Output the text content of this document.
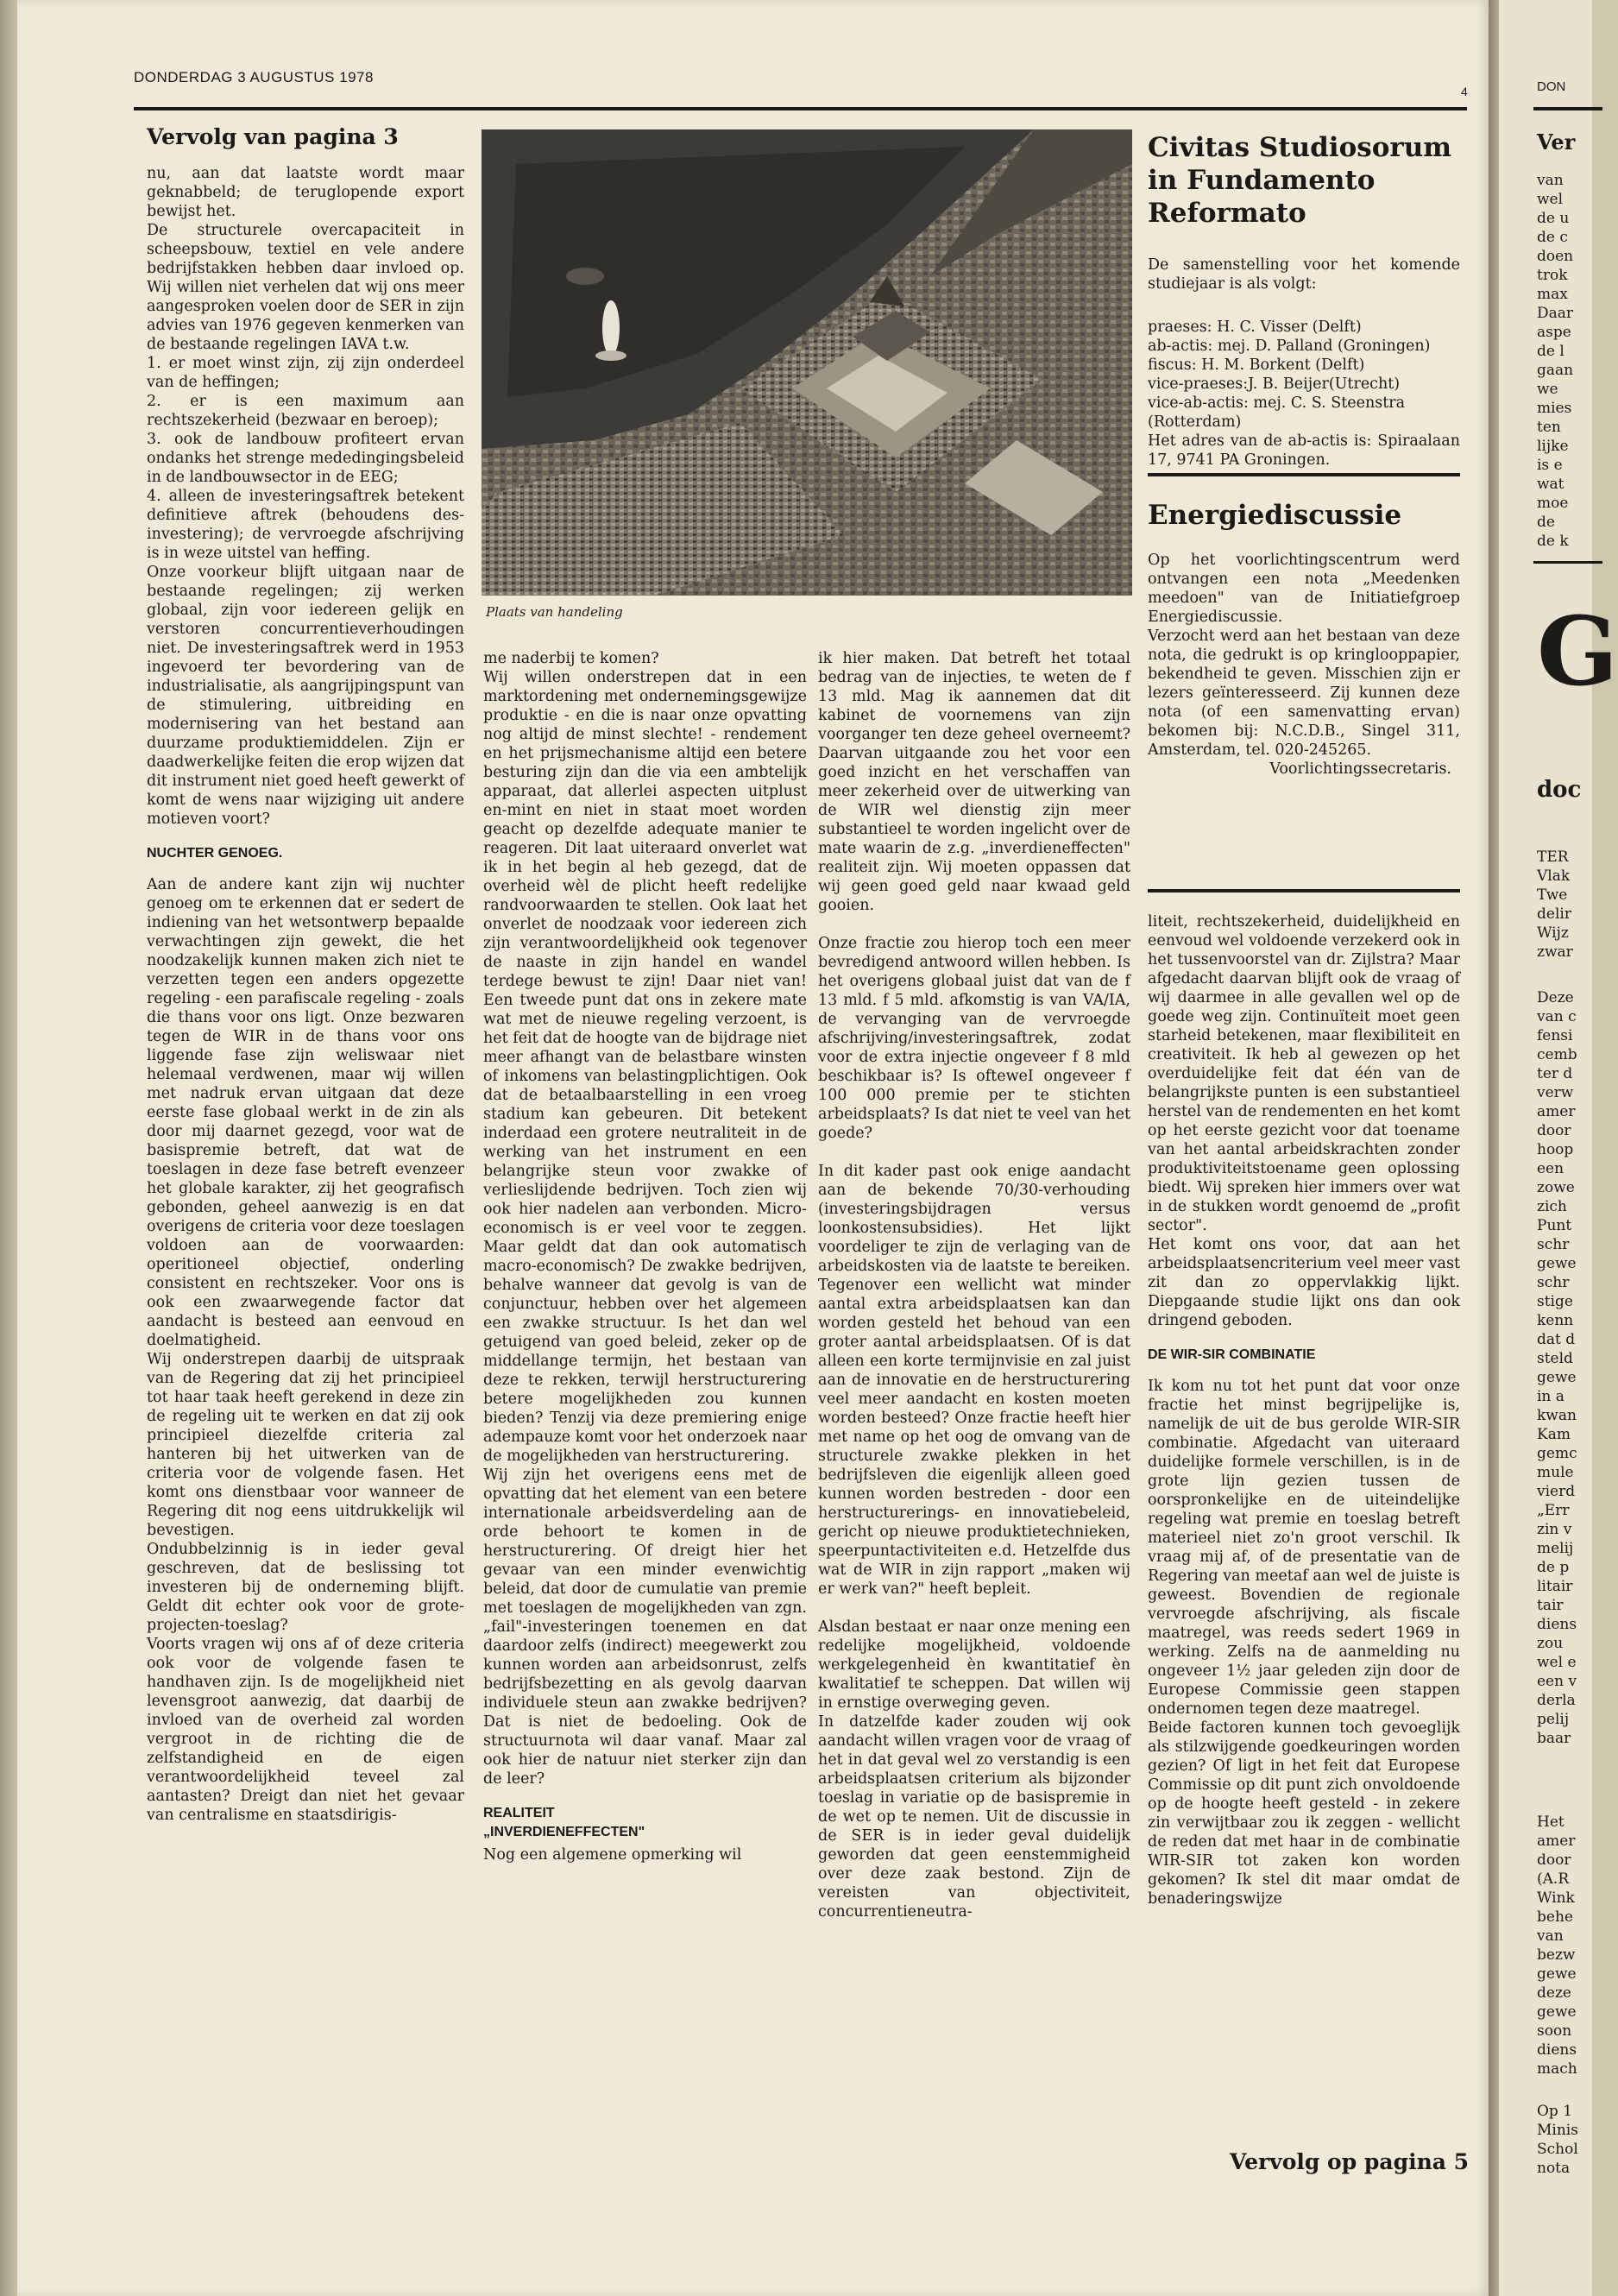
DONDERDAG 3 AUGUSTUS 1978
4
Vervolg van pagina 3

nu, aan dat laatste wordt maar geknabbeld; de teruglopende export bewijst het.

De structurele overcapaciteit in scheepsbouw, textiel en vele andere bedrijfstakken hebben daar invloed op. Wij willen niet verhelen dat wij ons meer aangesproken voelen door de SER in zijn advies van 1976 gegeven kenmerken van de bestaande regelingen IAVA t.w.

1. er moet winst zijn, zij zijn onderdeel van de heffingen;

2. er is een maximum aan rechtszekerheid (bezwaar en beroep);

3. ook de landbouw profiteert ervan ondanks het strenge mededingingsbeleid in de landbouwsector in de EEG;

4. alleen de investeringsaftrek betekent definitieve aftrek (behoudens des-investering); de vervroegde afschrijving is in weze uitstel van heffing.

Onze voorkeur blijft uitgaan naar de bestaande regelingen; zij werken globaal, zijn voor iedereen gelijk en verstoren concurrentieverhoudingen niet. De investeringsaftrek werd in 1953 ingevoerd ter bevordering van de industrialisatie, als aangrijpingspunt van de stimulering, uitbreiding en modernisering van het bestand aan duurzame produktiemiddelen. Zijn er daadwerkelijke feiten die erop wijzen dat dit instrument niet goed heeft gewerkt of komt de wens naar wijziging uit andere motieven voort?

NUCHTER GENOEG.

Aan de andere kant zijn wij nuchter genoeg om te erkennen dat er sedert de indiening van het wetsontwerp bepaalde verwachtingen zijn gewekt, die het noodzakelijk kunnen maken zich niet te verzetten tegen een anders opgezette regeling - een parafiscale regeling - zoals die thans voor ons ligt. Onze bezwaren tegen de WIR in de thans voor ons liggende fase zijn weliswaar niet helemaal verdwenen, maar wij willen met nadruk ervan uitgaan dat deze eerste fase globaal werkt in de zin als door mij daarnet gezegd, voor wat de basispremie betreft, dat wat de toeslagen in deze fase betreft evenzeer het globale karakter, zij het geografisch gebonden, geheel aanwezig is en dat overigens de criteria voor deze toeslagen voldoen aan de voorwaarden: operitioneel objectief, onderling consistent en rechtszeker. Voor ons is ook een zwaarwegende factor dat aandacht is besteed aan eenvoud en doelmatigheid.

Wij onderstrepen daarbij de uitspraak van de Regering dat zij het principieel tot haar taak heeft gerekend in deze zin de regeling uit te werken en dat zij ook principieel diezelfde criteria zal hanteren bij het uitwerken van de criteria voor de volgende fasen. Het komt ons dienstbaar voor wanneer de Regering dit nog eens uitdrukkelijk wil bevestigen.

Ondubbelzinnig is in ieder geval geschreven, dat de beslissing tot investeren bij de onderneming blijft. Geldt dit echter ook voor de grote-projecten-toeslag?

Voorts vragen wij ons af of deze criteria ook voor de volgende fasen te handhaven zijn. Is de mogelijkheid niet levensgroot aanwezig, dat daarbij de invloed van de overheid zal worden vergroot in de richting die de zelfstandigheid en de eigen verantwoordelijkheid teveel zal aantasten? Dreigt dan niet het gevaar van centralisme en staatsdirigis-

Plaats van handeling

me naderbij te komen?

Wij willen onderstrepen dat in een marktordening met ondernemingsgewijze produktie - en die is naar onze opvatting nog altijd de minst slechte! - rendement en het prijsmechanisme altijd een betere besturing zijn dan die via een ambtelijk apparaat, dat allerlei aspecten uitplust en-mint en niet in staat moet worden geacht op dezelfde adequate manier te reageren. Dit laat uiteraard onverlet wat ik in het begin al heb gezegd, dat de overheid wèl de plicht heeft redelijke randvoorwaarden te stellen. Ook laat het onverlet de noodzaak voor iedereen zich zijn verantwoordelijkheid ook tegenover de naaste in zijn handel en wandel terdege bewust te zijn! Daar niet van! Een tweede punt dat ons in zekere mate wat met de nieuwe regeling verzoent, is het feit dat de hoogte van de bijdrage niet meer afhangt van de belastbare winsten of inkomens van belastingplichtigen. Ook dat de betaalbaarstelling in een vroeg stadium kan gebeuren. Dit betekent inderdaad een grotere neutraliteit in de werking van het instrument en een belangrijke steun voor zwakke of verlieslijdende bedrijven. Toch zien wij ook hier nadelen aan verbonden. Micro-economisch is er veel voor te zeggen. Maar geldt dat dan ook automatisch macro-economisch? De zwakke bedrijven, behalve wanneer dat gevolg is van de conjunctuur, hebben over het algemeen een zwakke structuur. Is het dan wel getuigend van goed beleid, zeker op de middellange termijn, het bestaan van deze te rekken, terwijl herstructurering betere mogelijkheden zou kunnen bieden? Tenzij via deze premiering enige adempauze komt voor het onderzoek naar de mogelijkheden van herstructurering.

Wij zijn het overigens eens met de opvatting dat het element van een betere internationale arbeidsverdeling aan de orde behoort te komen in de herstructurering. Of dreigt hier het gevaar van een minder evenwichtig beleid, dat door de cumulatie van premie met toeslagen de mogelijkheden van zgn. „fail"-investeringen toenemen en dat daardoor zelfs (indirect) meegewerkt zou kunnen worden aan arbeidsonrust, zelfs bedrijfsbezetting en als gevolg daarvan individuele steun aan zwakke bedrijven? Dat is niet de bedoeling. Ook de structuurnota wil daar vanaf. Maar zal ook hier de natuur niet sterker zijn dan de leer?

REALITEIT
„INVERDIENEFFECTEN"

Nog een algemene opmerking wil

ik hier maken. Dat betreft het totaal bedrag van de injecties, te weten de f 13 mld. Mag ik aannemen dat dit kabinet de voornemens van zijn voorganger ten deze geheel overneemt? Daarvan uitgaande zou het voor een goed inzicht en het verschaffen van meer zekerheid over de uitwerking van de WIR wel dienstig zijn meer substantieel te worden ingelicht over de mate waarin de z.g. „inverdieneffecten" realiteit zijn. Wij moeten oppassen dat wij geen goed geld naar kwaad geld gooien.

Onze fractie zou hierop toch een meer bevredigend antwoord willen hebben. Is het overigens globaal juist dat van de f 13 mld. f 5 mld. afkomstig is van VA/IA, de vervanging van de vervroegde afschrijving/investeringsaftrek, zodat voor de extra injectie ongeveer f 8 mld beschikbaar is? Is ofteweI ongeveer f 100 000 premie per te stichten arbeidsplaats? Is dat niet te veel van het goede?

In dit kader past ook enige aandacht aan de bekende 70/30-verhouding (investeringsbijdragen versus loonkostensubsidies). Het lijkt voordeliger te zijn de verlaging van de arbeidskosten via de laatste te bereiken. Tegenover een wellicht wat minder aantal extra arbeidsplaatsen kan dan worden gesteld het behoud van een groter aantal arbeidsplaatsen. Of is dat alleen een korte termijnvisie en zal juist aan de innovatie en de herstructurering veel meer aandacht en kosten moeten worden besteed? Onze fractie heeft hier met name op het oog de omvang van de structurele zwakke plekken in het bedrijfsleven die eigenlijk alleen goed kunnen worden bestreden - door een herstructurerings- en innovatiebeleid, gericht op nieuwe produktietechnieken, speerpuntactiviteiten e.d. Hetzelfde dus wat de WIR in zijn rapport „maken wij er werk van?" heeft bepleit.

Alsdan bestaat er naar onze mening een redelijke mogelijkheid, voldoende werkgelegenheid èn kwantitatief èn kwalitatief te scheppen. Dat willen wij in ernstige overweging geven.

In datzelfde kader zouden wij ook aandacht willen vragen voor de vraag of het in dat geval wel zo verstandig is een arbeidsplaatsen criterium als bijzonder toeslag in variatie op de basispremie in de wet op te nemen. Uit de discussie in de SER is in ieder geval duidelijk geworden dat geen eenstemmigheid over deze zaak bestond. Zijn de vereisten van objectiviteit, concurrentieneutra-

Civitas Studiosorum in Fundamento Reformato

De samenstelling voor het komende studiejaar is als volgt:

praeses: H. C. Visser (Delft)

ab-actis: mej. D. Palland (Groningen)

fiscus: H. M. Borkent (Delft)

vice-praeses:J. B. Beijer(Utrecht)

vice-ab-actis: mej. C. S. Steenstra (Rotterdam)

Het adres van de ab-actis is: Spiraalaan 17, 9741 PA Groningen.

Energiediscussie

Op het voorlichtingscentrum werd ontvangen een nota „Meedenken meedoen" van de Initiatiefgroep Energiediscussie.

Verzocht werd aan het bestaan van deze nota, die gedrukt is op kringlooppapier, bekendheid te geven. Misschien zijn er lezers geïnteresseerd. Zij kunnen deze nota (of een samenvatting ervan) bekomen bij: N.C.D.B., Singel 311, Amsterdam, tel. 020-245265.

Voorlichtingssecretaris.

liteit, rechtszekerheid, duidelijkheid en eenvoud wel voldoende verzekerd ook in het tussenvoorstel van dr. Zijlstra? Maar afgedacht daarvan blijft ook de vraag of wij daarmee in alle gevallen wel op de goede weg zijn. Continuïteit moet geen starheid betekenen, maar flexibiliteit en creativiteit. Ik heb al gewezen op het overduidelijke feit dat één van de belangrijkste punten is een substantieel herstel van de rendementen en het komt op het eerste gezicht voor dat toename van het aantal arbeidskrachten zonder produktiviteitstoename geen oplossing biedt. Wij spreken hier immers over wat in de stukken wordt genoemd de „profit sector".

Het komt ons voor, dat aan het arbeidsplaatsencriterium veel meer vast zit dan zo oppervlakkig lijkt. Diepgaande studie lijkt ons dan ook dringend geboden.

DE WIR-SIR COMBINATIE

Ik kom nu tot het punt dat voor onze fractie het minst begrijpelijke is, namelijk de uit de bus gerolde WIR-SIR combinatie. Afgedacht van uiteraard duidelijke formele verschillen, is in de grote lijn gezien tussen de oorspronkelijke en de uiteindelijke regeling wat premie en toeslag betreft materieel niet zo'n groot verschil. Ik vraag mij af, of de presentatie van de Regering van meetaf aan wel de juiste is geweest. Bovendien de regionale vervroegde afschrijving, als fiscale maatregel, was reeds sedert 1969 in werking. Zelfs na de aanmelding nu ongeveer 1½ jaar geleden zijn door de Europese Commissie geen stappen ondernomen tegen deze maatregel.

Beide factoren kunnen toch gevoeglijk als stilzwijgende goedkeuringen worden gezien? Of ligt in het feit dat Europese Commissie op dit punt zich onvoldoende op de hoogte heeft gesteld - in zekere zin verwijtbaar zou ik zeggen - wellicht de reden dat met haar in de combinatie WIR-SIR tot zaken kon worden gekomen? Ik stel dit maar omdat de benaderingswijze

Vervolg op pagina 5
DON
Ver
van
wel
de u
de c
doen
trok
max
Daar
aspe
de l
gaan
we
mies
ten
lijke
is e
wat
moe
de
de k
G
doc
TER
Vlak
Twe
delir
Wijz
zwar
Deze
van c
fensi
cemb
ter d
verw
amer
door
hoop
een
zowe
zich
Punt
schr
gewe
schr
stige
kenn
dat d
steld
gewe
in a
kwan
Kam
gemc
mule
vierd
„Err
zin v
melij
de p
litair
tair
diens
zou
wel e
een v
derla
pelij
baar
Het
amer
door
(A.R
Wink
behe
van
bezw
gewe
deze
gewe
soon
diens
mach
Op 1
Minis
Schol
nota
